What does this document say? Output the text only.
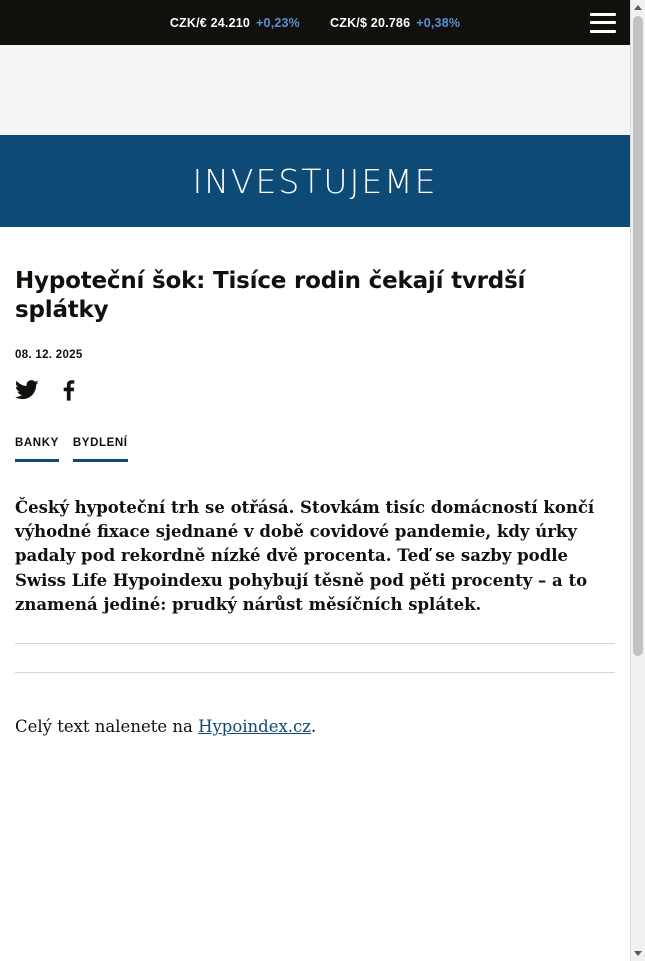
CZK/€ 24.210 +0,23% CZK/$ 20.786 +0,38%
INVESTUJEME
Hypoteční šok: Tisíce rodin čekají tvrdší splátky
08. 12. 2025
BANKY BYDLENÍ

Český hypoteční trh se otřásá. Stovkám tisíc domácností končí výhodné fixace sjednané v době covidové pandemie, kdy úrky padaly pod rekordně nízké dvě procenta. Teď se sazby podle Swiss Life Hypoindexu pohybují těsně pod pěti procenty – a to znamená jediné: prudký nárůst měsíčních splátek.

Celý text nalenete na Hypoindex.cz.
